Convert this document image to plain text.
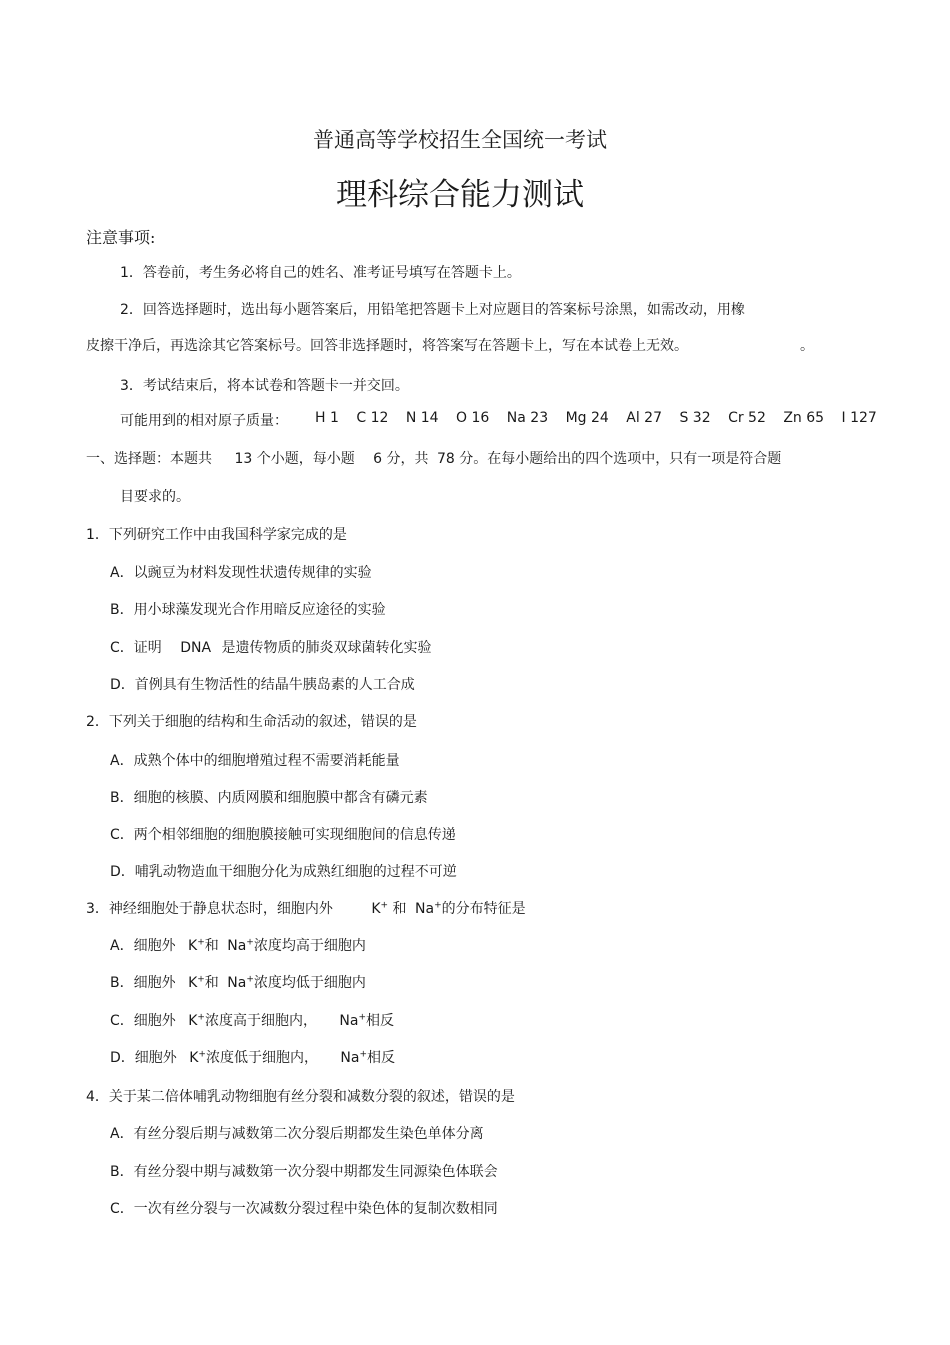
普通高等学校招生全国统一考试
理科综合能力测试
注意事项:
1．答卷前，考生务必将自己的姓名、准考证号填写在答题卡上。
2．回答选择题时，选出每小题答案后，用铅笔把答题卡上对应题目的答案标号涂黑，如需改动，用橡
皮擦干净后，再选涂其它答案标号。回答非选择题时，将答案写在答题卡上，写在本试卷上无效。	。
3．考试结束后，将本试卷和答题卡一并交回。
可能用到的相对原子质量： H 1 C 12 N 14 O 16 Na 23 Mg 24 Al 27 S 32 Cr 52 Zn 65 I 127
一、选择题：本题共 13 个小题，每小题 6 分，共 78 分。在每小题给出的四个选项中，只有一项是符合题
目要求的。
1．下列研究工作中由我国科学家完成的是
A．以豌豆为材料发现性状遗传规律的实验
B．用小球藻发现光合作用暗反应途径的实验
C．证明 DNA 是遗传物质的肺炎双球菌转化实验
D．首例具有生物活性的结晶牛胰岛素的人工合成
2．下列关于细胞的结构和生命活动的叙述，错误的是
A．成熟个体中的细胞增殖过程不需要消耗能量
B．细胞的核膜、内质网膜和细胞膜中都含有磷元素
C．两个相邻细胞的细胞膜接触可实现细胞间的信息传递
D．哺乳动物造血干细胞分化为成熟红细胞的过程不可逆
3．神经细胞处于静息状态时，细胞内外	K+ 和 Na+的分布特征是
A．细胞外 K+和 Na+浓度均高于细胞内
B．细胞外 K+和 Na+浓度均低于细胞内
C．细胞外 K+浓度高于细胞内， Na+相反
D．细胞外 K+浓度低于细胞内， Na+相反
4．关于某二倍体哺乳动物细胞有丝分裂和减数分裂的叙述，错误的是
A．有丝分裂后期与减数第二次分裂后期都发生染色单体分离
B．有丝分裂中期与减数第一次分裂中期都发生同源染色体联会
C．一次有丝分裂与一次减数分裂过程中染色体的复制次数相同
